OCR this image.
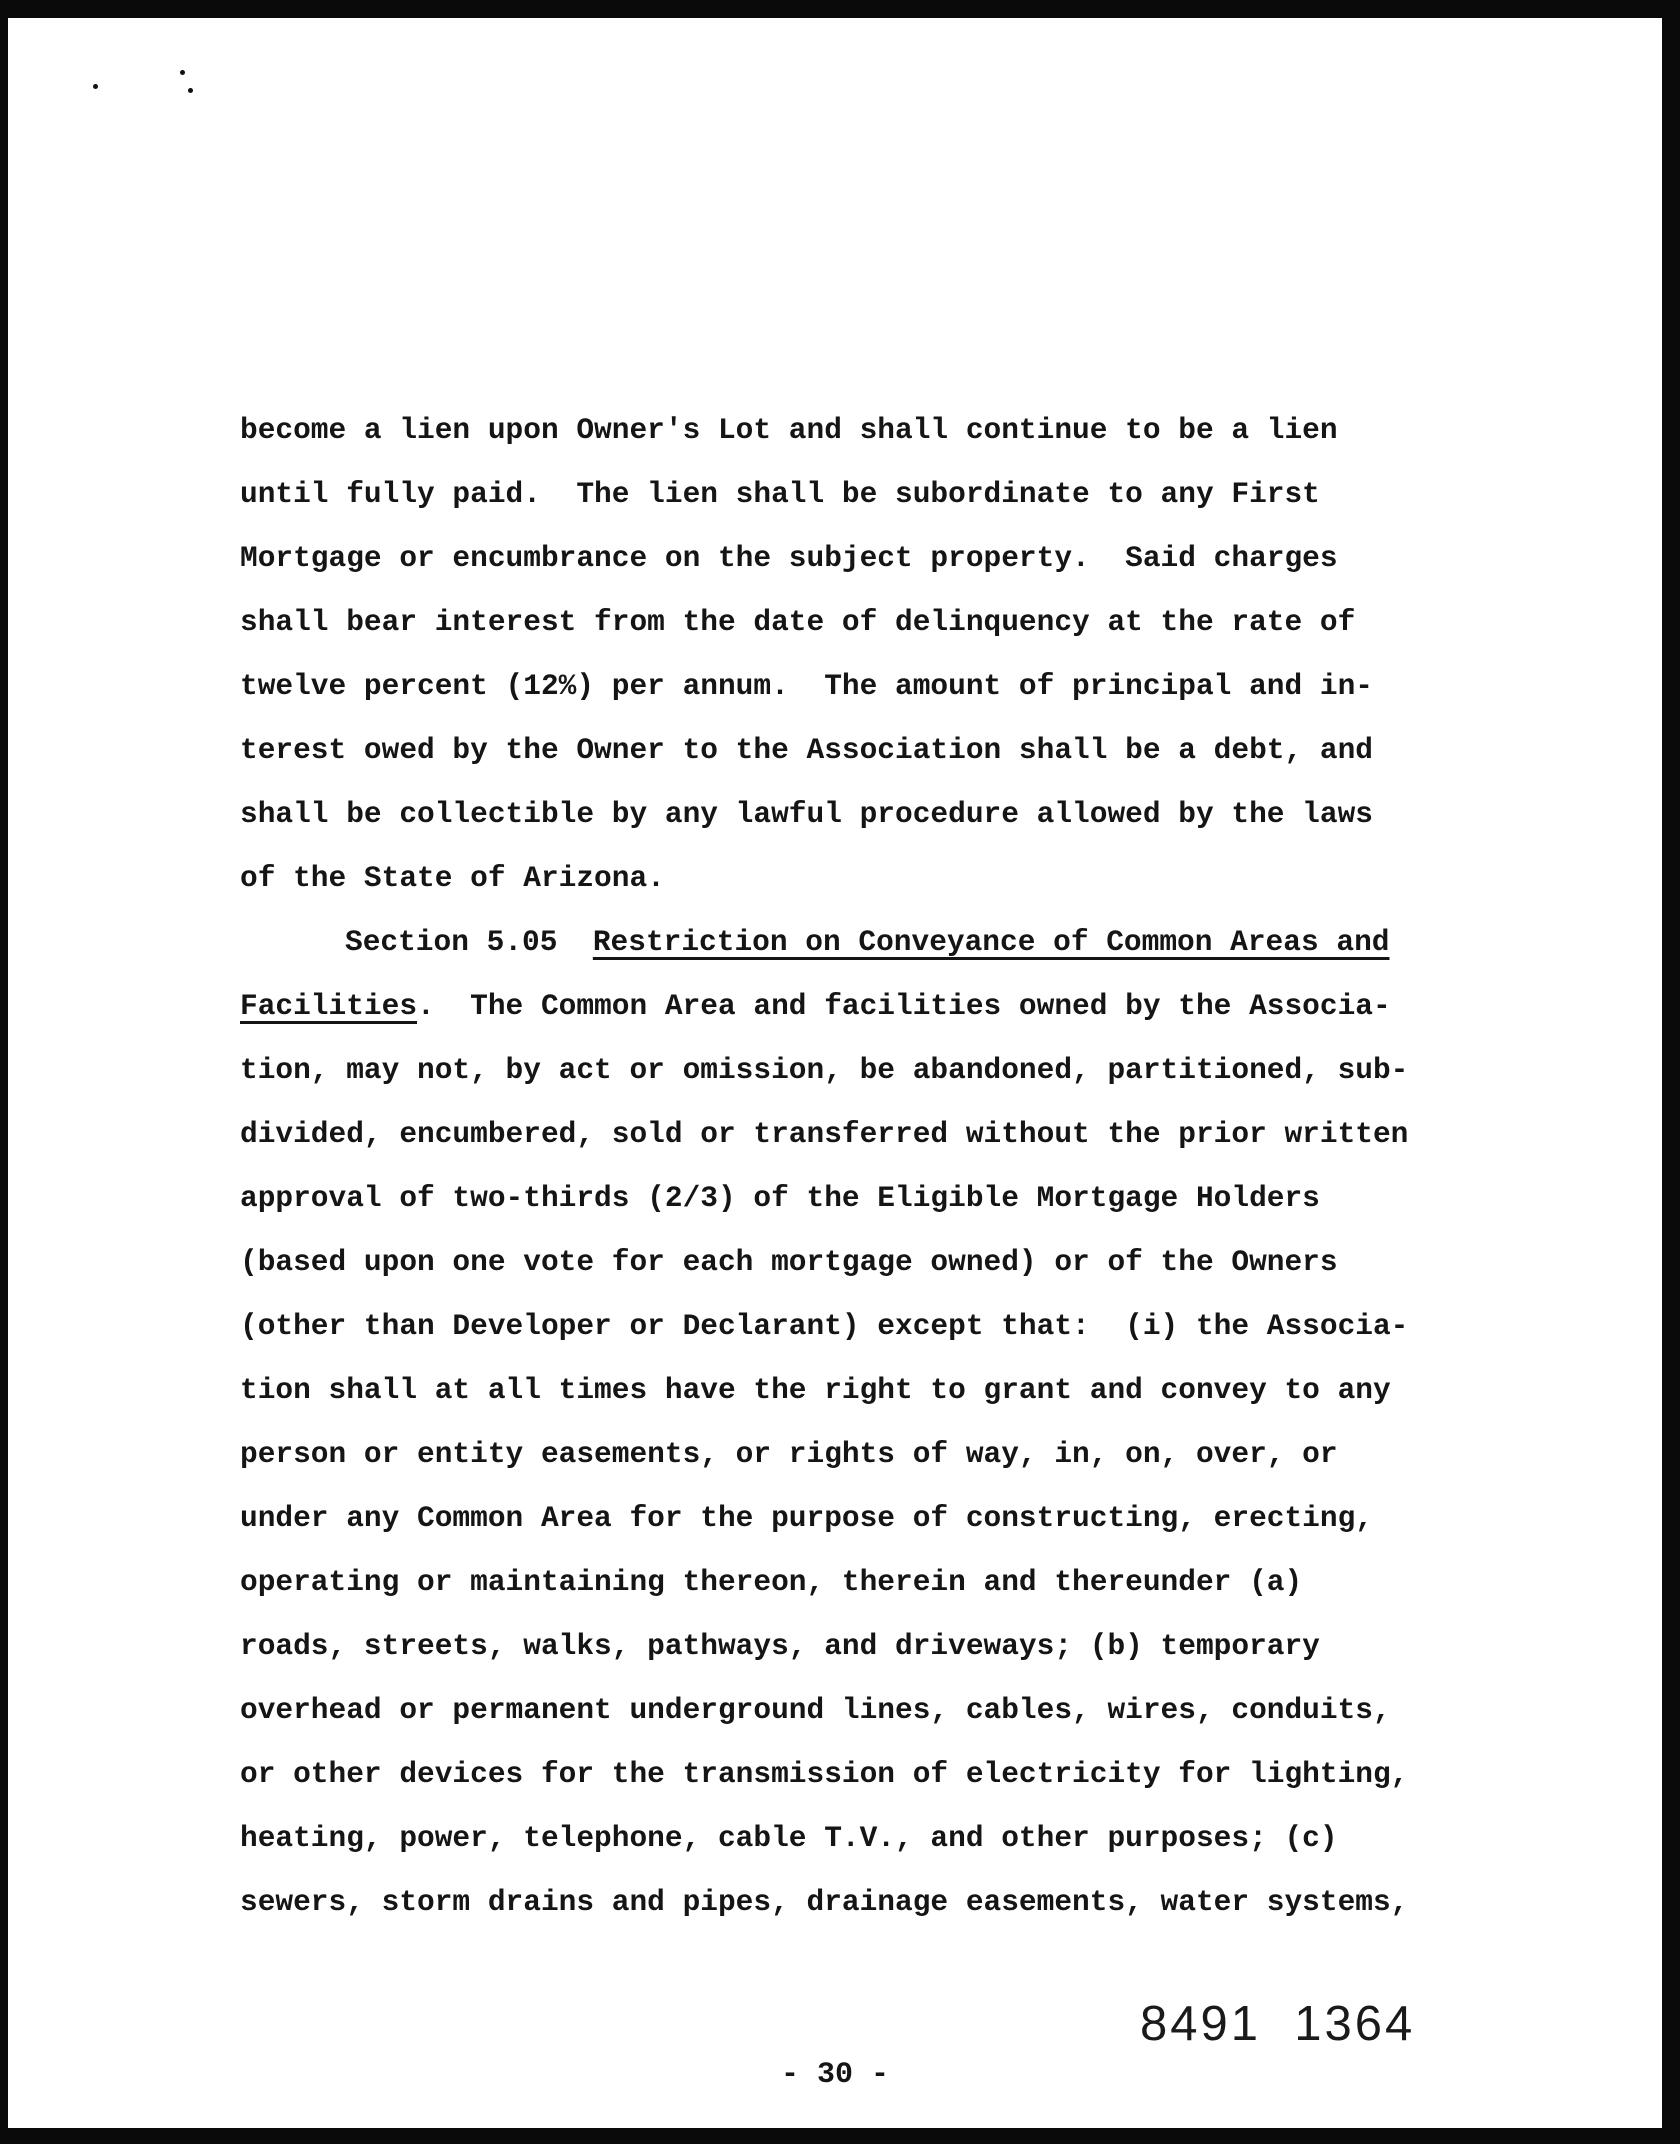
become a lien upon Owner's Lot and shall continue to be a lien
until fully paid.  The lien shall be subordinate to any First
Mortgage or encumbrance on the subject property.  Said charges
shall bear interest from the date of delinquency at the rate of
twelve percent (12%) per annum.  The amount of principal and in-
terest owed by the Owner to the Association shall be a debt, and
shall be collectible by any lawful procedure allowed by the laws
of the State of Arizona.
Section 5.05 Restriction on Conveyance of Common Areas and
Facilities.  The Common Area and facilities owned by the Associa-
tion, may not, by act or omission, be abandoned, partitioned, sub-
divided, encumbered, sold or transferred without the prior written
approval of two-thirds (2/3) of the Eligible Mortgage Holders
(based upon one vote for each mortgage owned) or of the Owners
(other than Developer or Declarant) except that:  (i) the Associa-
tion shall at all times have the right to grant and convey to any
person or entity easements, or rights of way, in, on, over, or
under any Common Area for the purpose of constructing, erecting,
operating or maintaining thereon, therein and thereunder (a)
roads, streets, walks, pathways, and driveways; (b) temporary
overhead or permanent underground lines, cables, wires, conduits,
or other devices for the transmission of electricity for lighting,
heating, power, telephone, cable T.V., and other purposes; (c)
sewers, storm drains and pipes, drainage easements, water systems,
8491  1364
- 30 -
